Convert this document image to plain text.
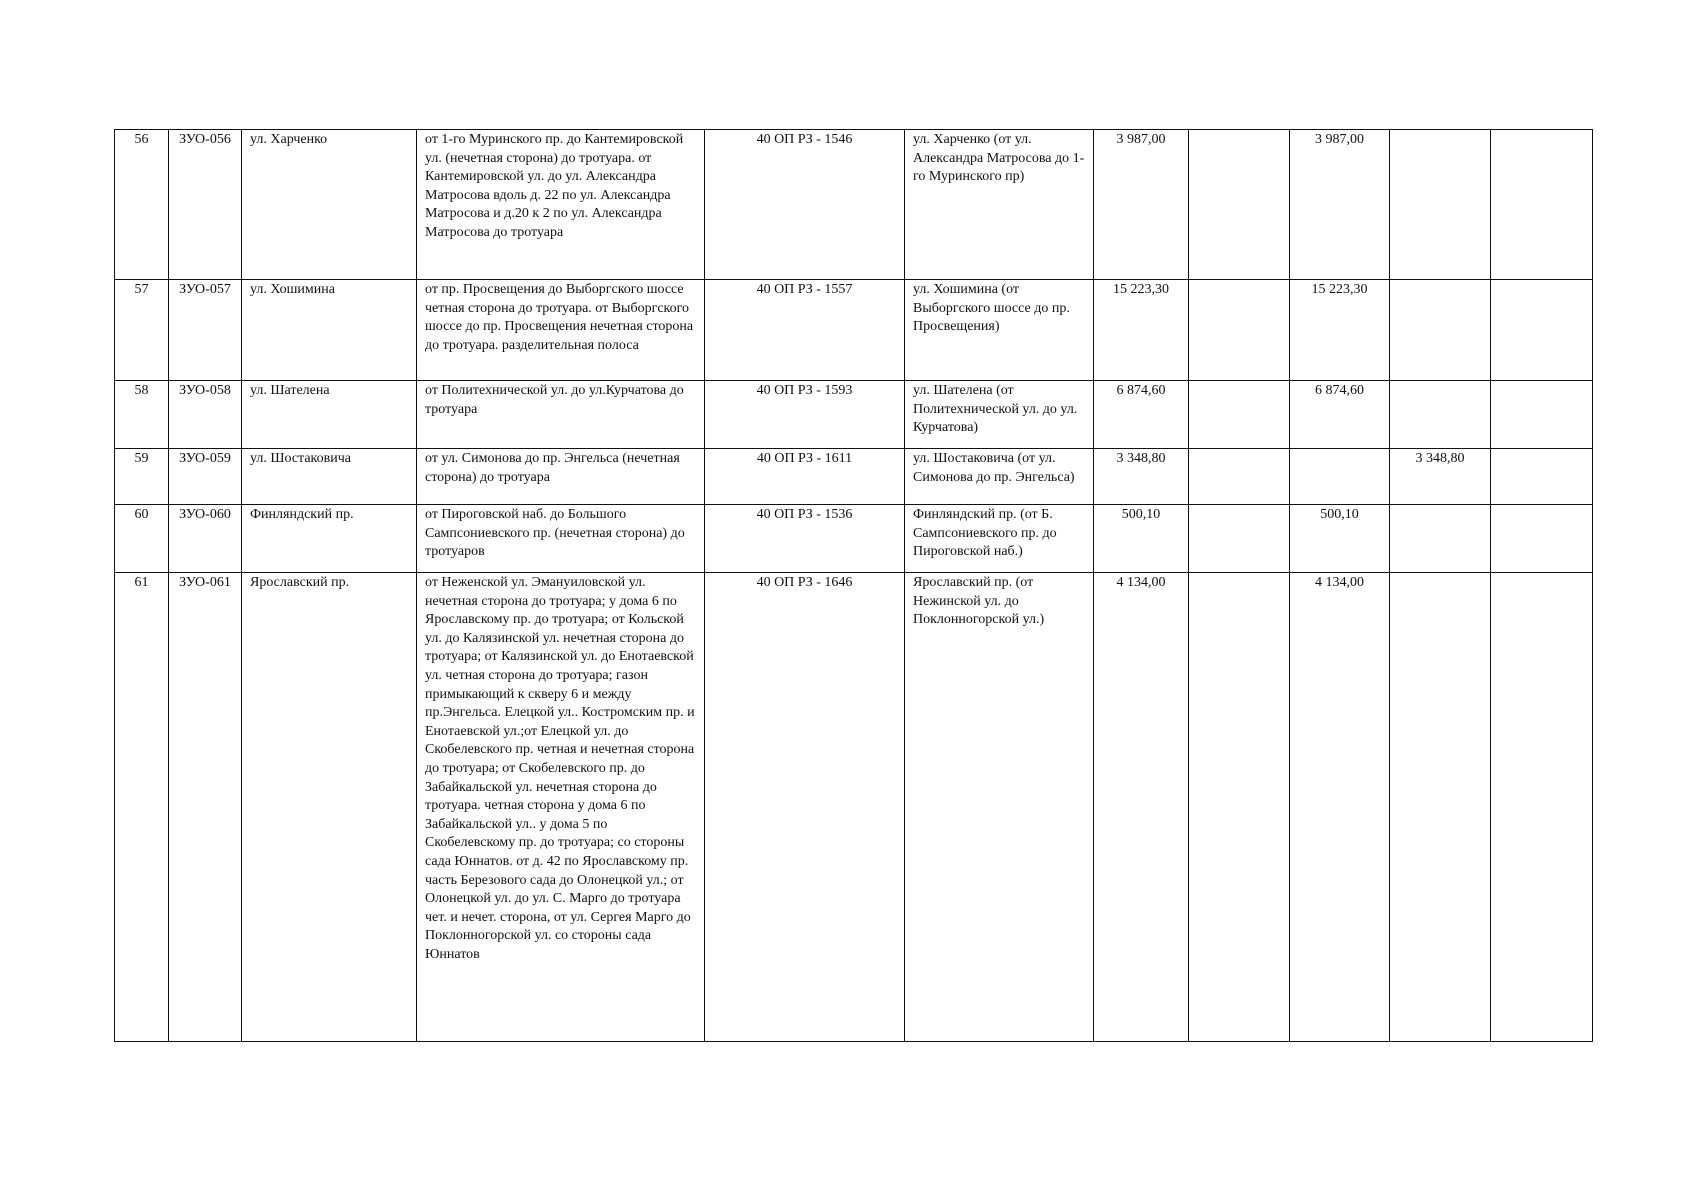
56	ЗУО-056	ул. Харченко	от 1-го Муринского пр. до Кантемировской ул. (нечетная сторона) до тротуара. от Кантемировской ул. до ул. Александра Матросова вдоль д. 22 по ул. Александра Матросова и д.20 к 2 по ул. Александра Матросова до тротуара	40 ОП РЗ - 1546	ул. Харченко (от ул. Александра Матросова до 1-го Муринского пр)	3 987,00		3 987,00		
57	ЗУО-057	ул. Хошимина	от пр. Просвещения до Выборгского шоссе четная сторона до тротуара. от Выборгского шоссе до пр. Просвещения нечетная сторона до тротуара. разделительная полоса	40 ОП РЗ - 1557	ул. Хошимина (от Выборгского шоссе до пр. Просвещения)	15 223,30		15 223,30		
58	ЗУО-058	ул. Шателена	от Политехнической ул. до ул.Курчатова до тротуара	40 ОП РЗ - 1593	ул. Шателена (от Политехнической ул. до ул. Курчатова)	6 874,60		6 874,60		
59	ЗУО-059	ул. Шостаковича	от ул. Симонова до пр. Энгельса (нечетная сторона) до тротуара	40 ОП РЗ - 1611	ул. Шостаковича (от ул. Симонова до пр. Энгельса)	3 348,80			3 348,80	
60	ЗУО-060	Финляндский пр.	от Пироговской наб. до Большого Сампсониевского пр. (нечетная сторона) до тротуаров	40 ОП РЗ - 1536	Финляндский пр. (от Б. Сампсониевского пр. до Пироговской наб.)	500,10		500,10		
61	ЗУО-061	Ярославский пр.	от Неженской ул. Эмануиловской ул. нечетная сторона до тротуара; у дома 6 по Ярославскому пр. до тротуара; от Кольской ул. до Калязинской ул. нечетная сторона до тротуара; от Калязинской ул. до Енотаевской ул. четная сторона до тротуара; газон примыкающий к скверу 6 и между пр.Энгельса. Елецкой ул.. Костромским пр. и Енотаевской ул.;от Елецкой ул. до Скобелевского пр. четная и нечетная сторона до тротуара; от Скобелевского пр. до Забайкальской ул. нечетная сторона до тротуара. четная сторона у дома 6 по Забайкальской ул.. у дома 5 по Скобелевскому пр. до тротуара; со стороны сада Юннатов. от д. 42 по Ярославскому пр. часть Березового сада до Олонецкой ул.; от Олонецкой ул. до ул. С. Марго до тротуара чет. и нечет. сторона, от ул. Сергея Марго до Поклонногорской ул. со стороны сада Юннатов	40 ОП РЗ - 1646	Ярославский пр. (от Нежинской ул. до Поклонногорской ул.)	4 134,00		4 134,00		
